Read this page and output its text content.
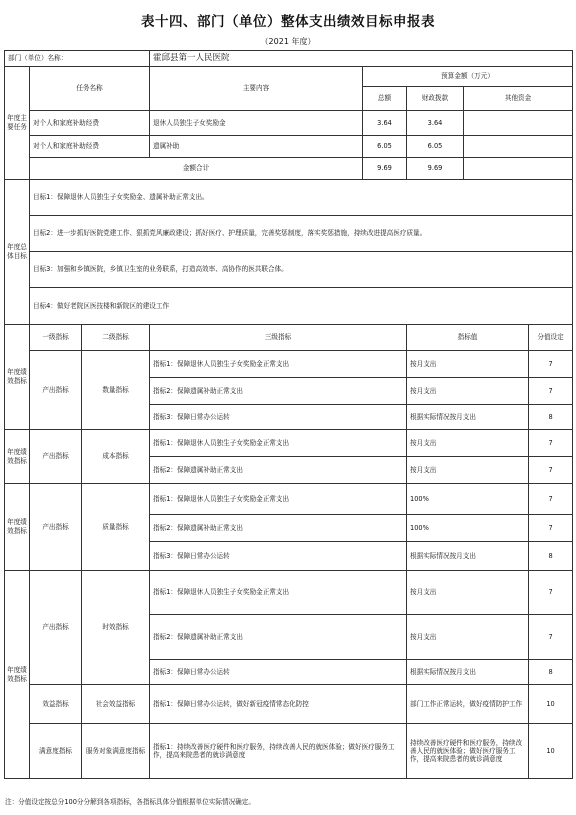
表十四、部门（单位）整体支出绩效目标申报表
（2021 年度）
部门（单位）名称：			霍邱县第一人民医院				
年度主要任务	任务名称		主要内容	预算金额（万元）			
				总额	财政拨款	其他资金	
	对个人和家庭补助经费		退休人员独生子女奖励金	3.64	3.64		
	对个人和家庭补助经费		遗属补助	6.05	6.05		
	金额合计			9.69	9.69		

年度总体目标	目标1：保障退休人员独生子女奖励金、遗属补助正常支出。						
	目标2：进一步抓好医院党建工作、狠抓党风廉政建设；抓好医疗、护理质量，完善奖惩制度，落实奖惩措施，持续改进提高医疗质量。						
	目标3：加强和乡镇医院，乡镇卫生室的业务联系，打造高效率、高协作的医共联合体。						
	目标4：做好老院区医技楼和新院区的建设工作						
年度绩效指标	一级指标	二级指标	三级指标		指标值		分值设定
	产出指标	数量指标	指标1：保障退休人员独生子女奖励金正常支出		按月支出		7
			指标2：保障遗属补助正常支出		按月支出		7
			指标3：保障日常办公运转		根据实际情况按月支出		8
年度绩效指标	产出指标	成本指标	指标1：保障退休人员独生子女奖励金正常支出		按月支出		7
			指标2：保障遗属补助正常支出		按月支出		7
年度绩效指标	产出指标	质量指标	指标1：保障退休人员独生子女奖励金正常支出		100%		7
			指标2：保障遗属补助正常支出		100%		7
			指标3：保障日常办公运转		根据实际情况按月支出		8
年度绩效指标	产出指标	时效指标	指标1：保障退休人员独生子女奖励金正常支出		按月支出		7
			指标2：保障遗属补助正常支出		按月支出		7
			指标3：保障日常办公运转		根据实际情况按月支出		8
	效益指标	社会效益指标	指标1：保障日常办公运转，做好新冠疫情常态化防控		部门工作正常运转，做好疫情防护工作		10
	满意度指标	服务对象满意度指标	指标1：持续改善医疗硬件和医疗服务，持续改善人民的就医体验；做好医疗服务工作，提高来院患者的就诊满意度		持续改善医疗硬件和医疗服务，持续改善人民的就医体验；做好医疗服务工作，提高来院患者的就诊满意度		10
注：分值设定按总分100分分解到各项指标，各指标具体分值根据单位实际情况确定。
